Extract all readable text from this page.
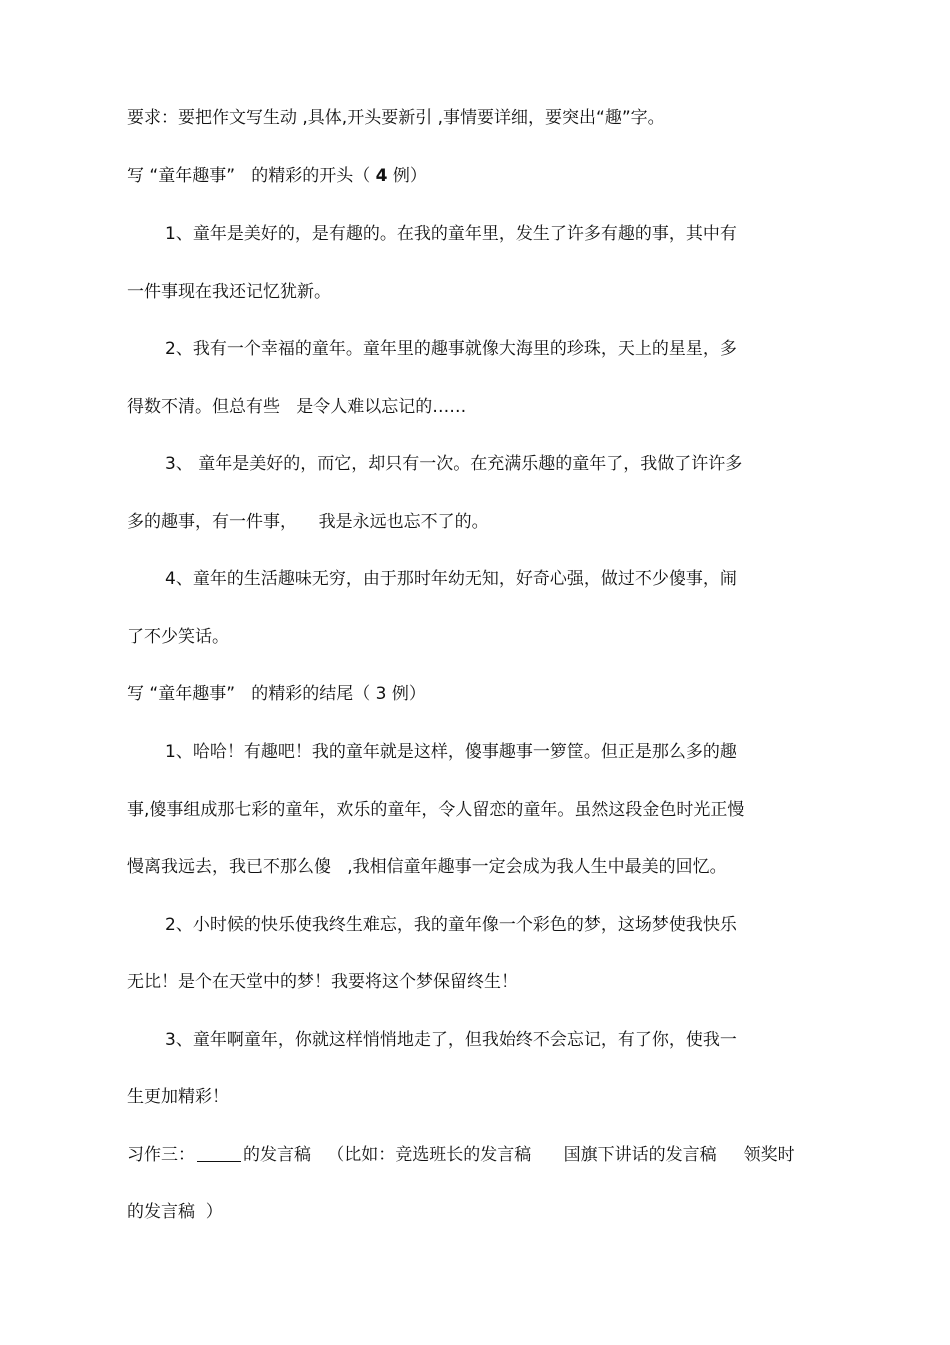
要求：要把作文写生动 ,具体,开头要新引 ,事情要详细，要突出“趣”字。
写 “童年趣事”   的精彩的开头（ 4 例）
1、童年是美好的，是有趣的。在我的童年里，发生了许多有趣的事，其中有
一件事现在我还记忆犹新。
2、我有一个幸福的童年。童年里的趣事就像大海里的珍珠，天上的星星，多
得数不清。但总有些   是令人难以忘记的……
3、 童年是美好的，而它，却只有一次。在充满乐趣的童年了，我做了许许多
多的趣事，有一件事，    我是永远也忘不了的。
4、童年的生活趣味无穷，由于那时年幼无知，好奇心强，做过不少傻事，闹
了不少笑话。
写 “童年趣事”   的精彩的结尾（ 3 例）
1、哈哈！有趣吧！我的童年就是这样，傻事趣事一箩筐。但正是那么多的趣
事,傻事组成那七彩的童年，欢乐的童年，令人留恋的童年。虽然这段金色时光正慢
慢离我远去，我已不那么傻   ,我相信童年趣事一定会成为我人生中最美的回忆。
2、小时候的快乐使我终生难忘，我的童年像一个彩色的梦，这场梦使我快乐
无比！是个在天堂中的梦！我要将这个梦保留终生！
3、童年啊童年，你就这样悄悄地走了，但我始终不会忘记，有了你，使我一
生更加精彩！
习作三：	的发言稿   （比如：竞选班长的发言稿      国旗下讲话的发言稿     领奖时
的发言稿  ）
